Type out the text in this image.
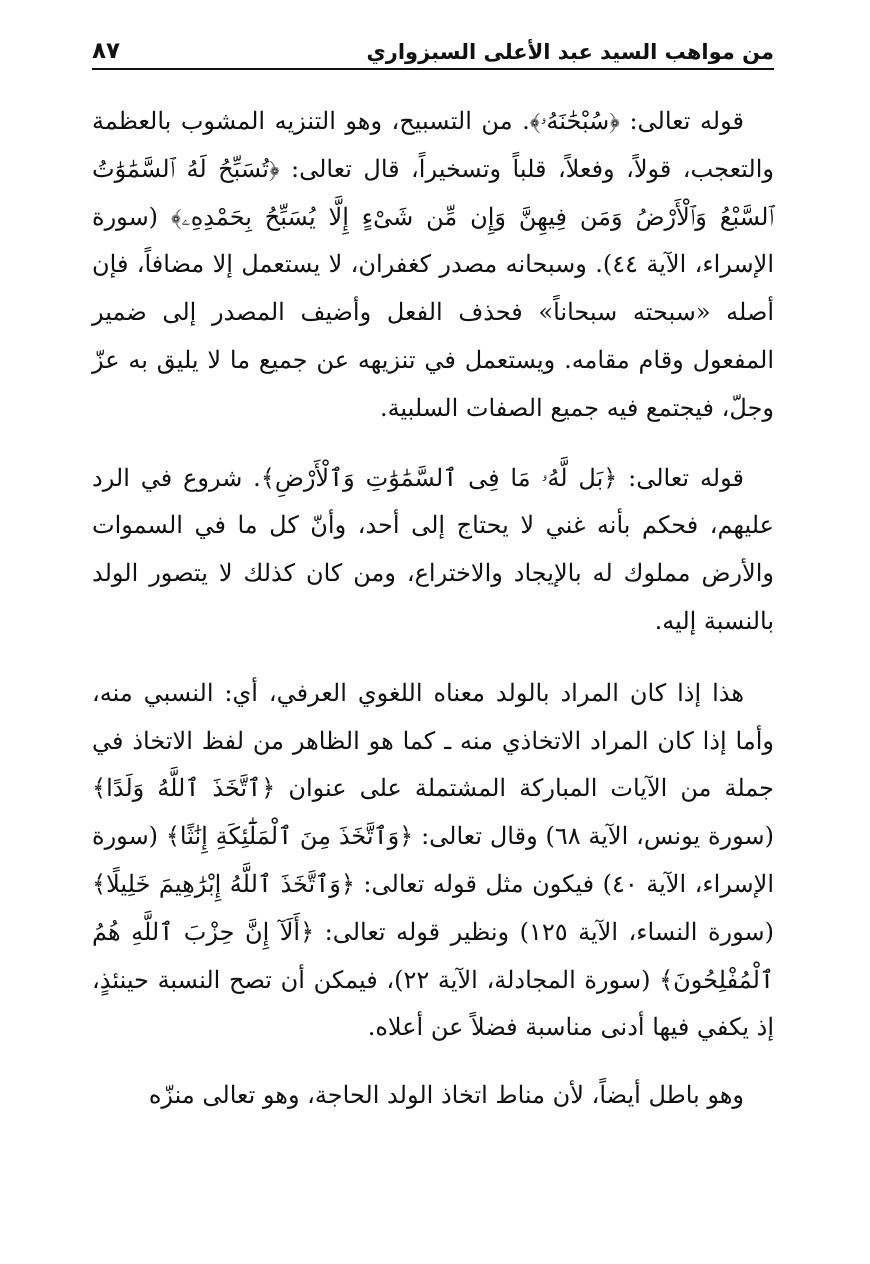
من مواهب السيد عبد الأعلى السبزواري
٨٧

قوله تعالى: ﴿سُبْحَٰنَهُۥ﴾. من التسبيح، وهو التنزيه المشوب بالعظمة والتعجب، قولاً، وفعلاً، قلباً وتسخيراً، قال تعالى: ﴿تُسَبِّحُ لَهُ ٱلسَّمَٰوَٰتُ ٱلسَّبْعُ وَٱلْأَرْضُ وَمَن فِيهِنَّ وَإِن مِّن شَىْءٍ إِلَّا يُسَبِّحُ بِحَمْدِهِۦ﴾ (سورة الإسراء، الآية ٤٤). وسبحانه مصدر كغفران، لا يستعمل إلا مضافاً، فإن أصله «سبحته سبحاناً» فحذف الفعل وأضيف المصدر إلى ضمير المفعول وقام مقامه. ويستعمل في تنزيهه عن جميع ما لا يليق به عزّ وجلّ، فيجتمع فيه جميع الصفات السلبية.

قوله تعالى: ﴿بَل لَّهُۥ مَا فِى ٱلسَّمَٰوَٰتِ وَٱلْأَرْضِ﴾. شروع في الرد عليهم، فحكم بأنه غني لا يحتاج إلى أحد، وأنّ كل ما في السموات والأرض مملوك له بالإيجاد والاختراع، ومن كان كذلك لا يتصور الولد بالنسبة إليه.

هذا إذا كان المراد بالولد معناه اللغوي العرفي، أي: النسبي منه، وأما إذا كان المراد الاتخاذي منه ـ كما هو الظاهر من لفظ الاتخاذ في جملة من الآيات المباركة المشتملة على عنوان ﴿ٱتَّخَذَ ٱللَّهُ وَلَدًا﴾ (سورة يونس، الآية ٦٨) وقال تعالى: ﴿وَٱتَّخَذَ مِنَ ٱلْمَلَٰٓئِكَةِ إِنَٰثًا﴾ (سورة الإسراء، الآية ٤٠) فيكون مثل قوله تعالى: ﴿وَٱتَّخَذَ ٱللَّهُ إِبْرَٰهِيمَ خَلِيلًا﴾ (سورة النساء، الآية ١٢٥) ونظير قوله تعالى: ﴿أَلَآ إِنَّ حِزْبَ ٱللَّهِ هُمُ ٱلْمُفْلِحُونَ﴾ (سورة المجادلة، الآية ٢٢)، فيمكن أن تصح النسبة حينئذٍ، إذ يكفي فيها أدنى مناسبة فضلاً عن أعلاه.

وهو باطل أيضاً، لأن مناط اتخاذ الولد الحاجة، وهو تعالى منزّه
